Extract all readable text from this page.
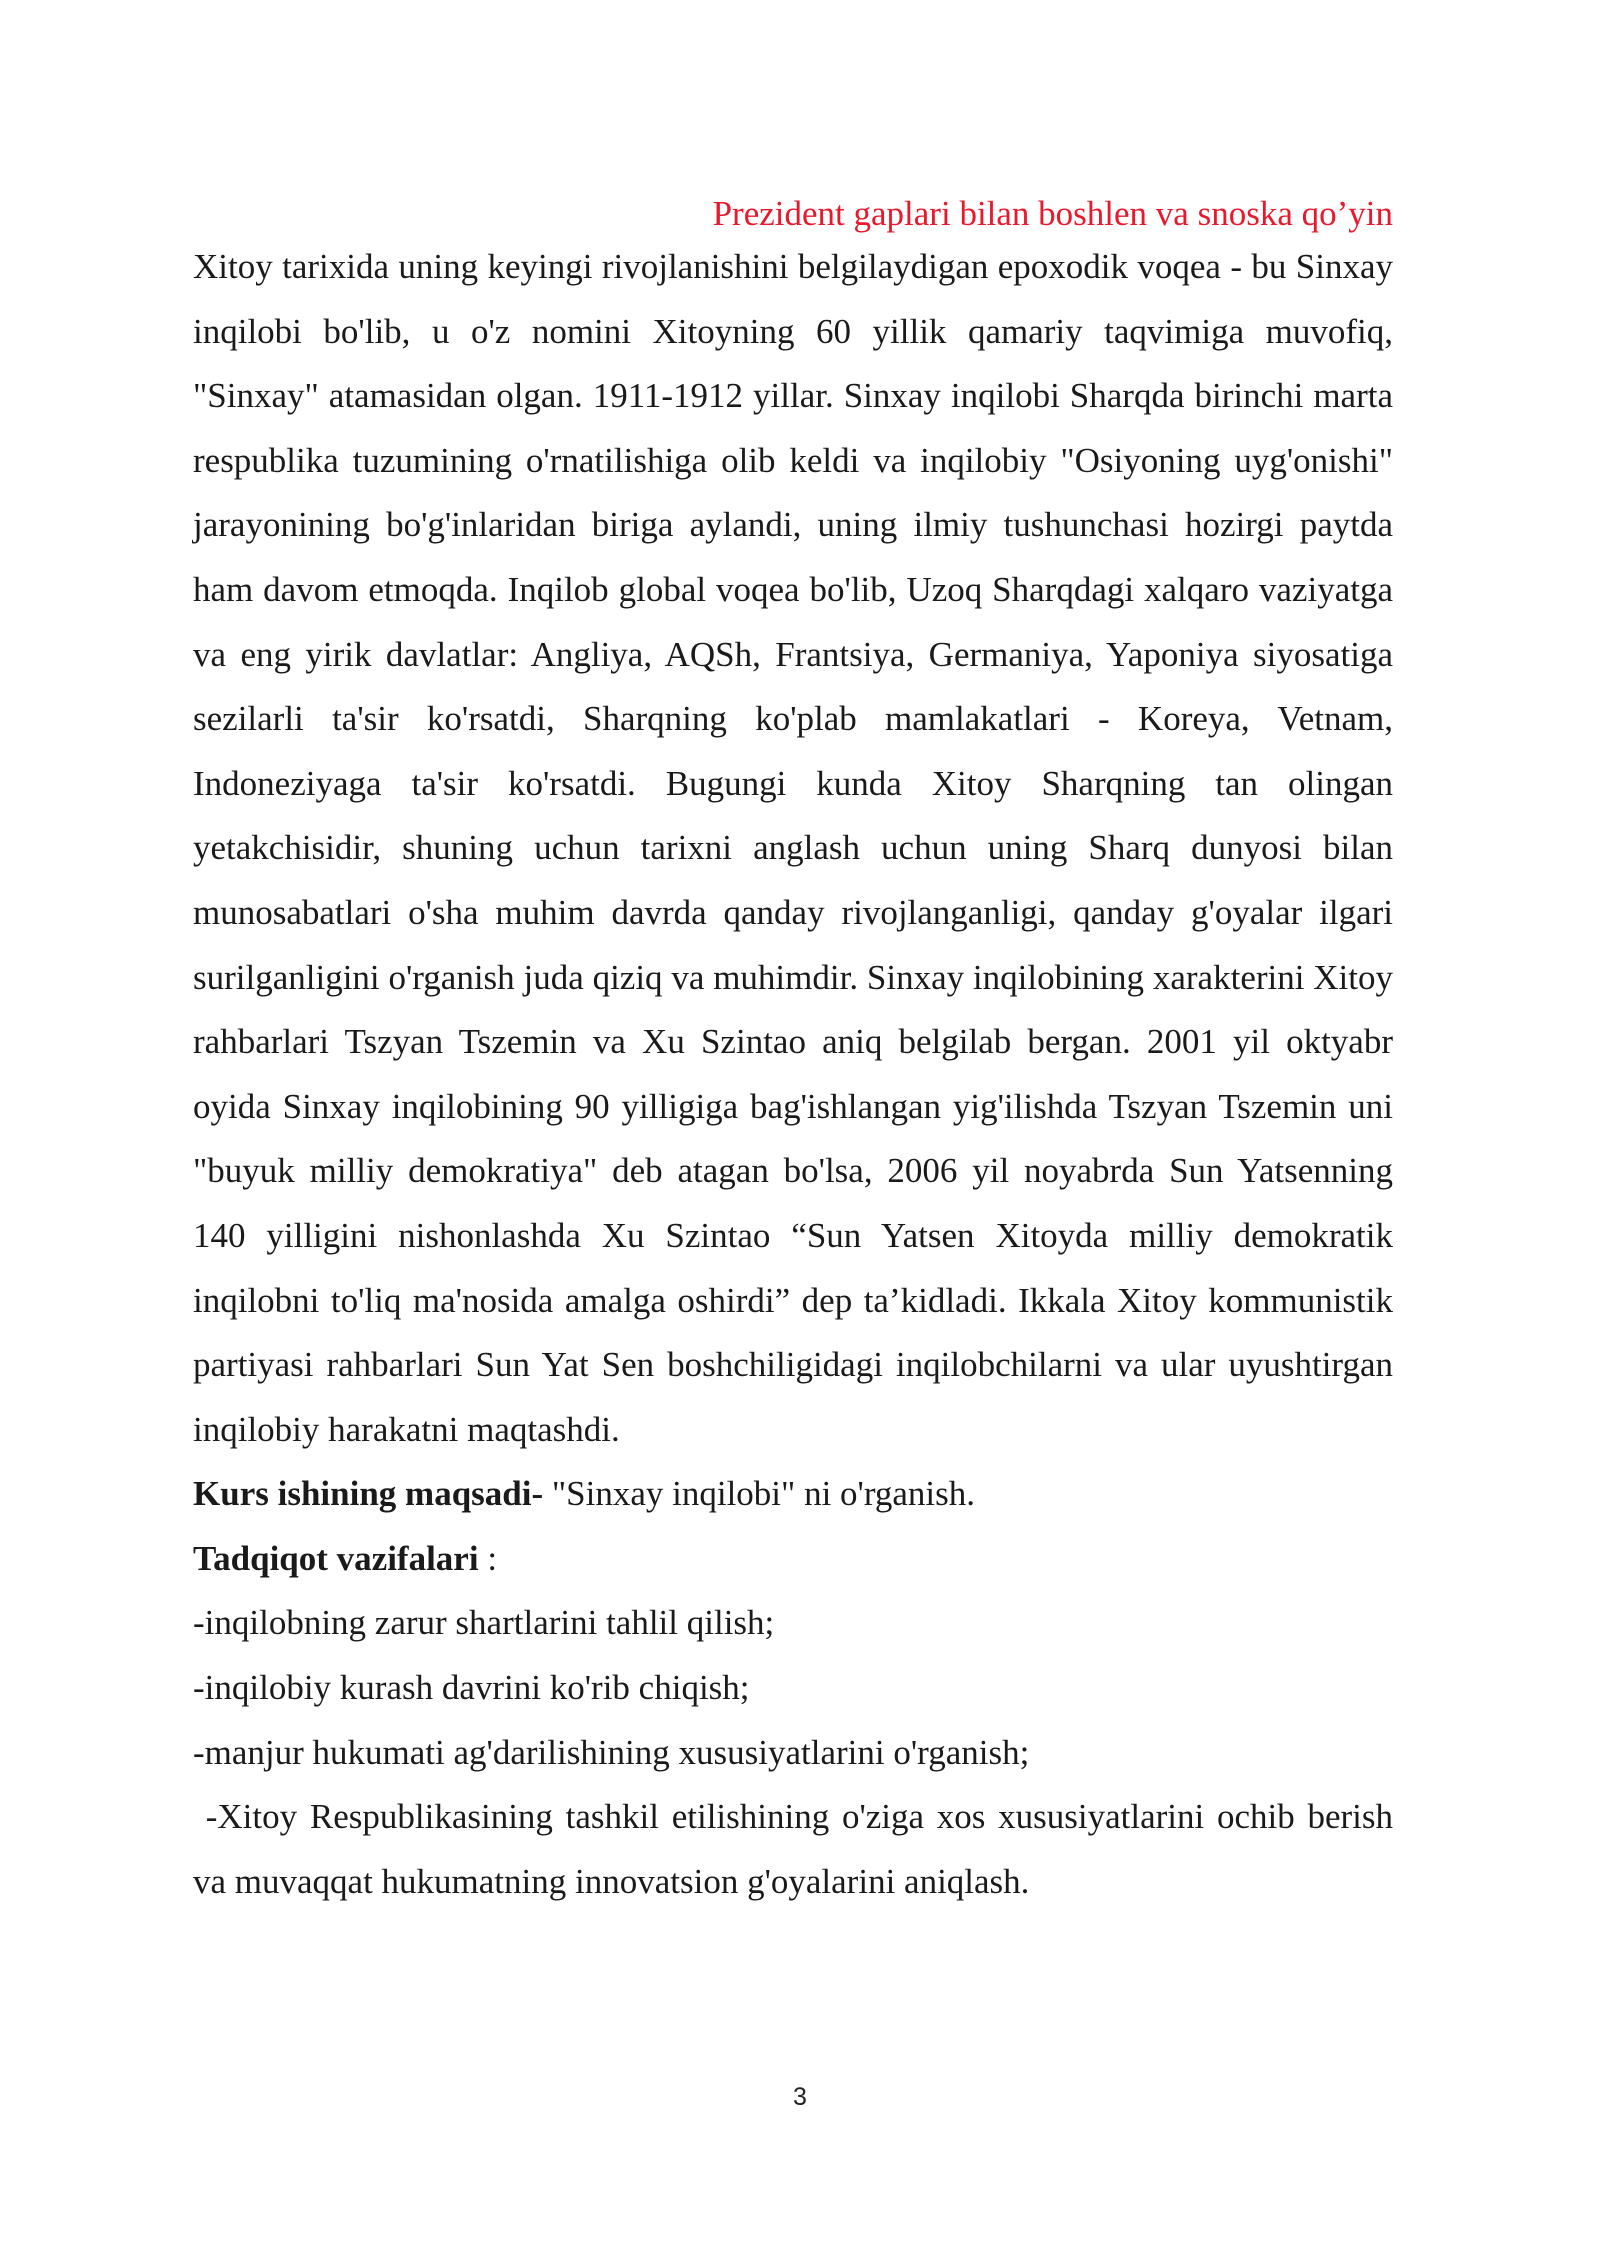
Prezident gaplari bilan boshlen va snoska qo’yin

Xitoy tarixida uning keyingi rivojlanishini belgilaydigan epoxodik voqea - bu Sinxay inqilobi bo'lib, u o'z nomini Xitoyning 60 yillik qamariy taqvimiga muvofiq, "Sinxay" atamasidan olgan. 1911-1912 yillar. Sinxay inqilobi Sharqda birinchi marta respublika tuzumining o'rnatilishiga olib keldi va inqilobiy "Osiyoning uyg'onishi" jarayonining bo'g'inlaridan biriga aylandi, uning ilmiy tushunchasi hozirgi paytda ham davom etmoqda. Inqilob global voqea bo'lib, Uzoq Sharqdagi xalqaro vaziyatga va eng yirik davlatlar: Angliya, AQSh, Frantsiya, Germaniya, Yaponiya siyosatiga sezilarli ta'sir ko'rsatdi, Sharqning ko'plab mamlakatlari - Koreya, Vetnam, Indoneziyaga ta'sir ko'rsatdi. Bugungi kunda Xitoy Sharqning tan olingan yetakchisidir, shuning uchun tarixni anglash uchun uning Sharq dunyosi bilan munosabatlari o'sha muhim davrda qanday rivojlanganligi, qanday g'oyalar ilgari surilganligini o'rganish juda qiziq va muhimdir. Sinxay inqilobining xarakterini Xitoy rahbarlari Tszyan Tszemin va Xu Szintao aniq belgilab bergan. 2001 yil oktyabr oyida Sinxay inqilobining 90 yilligiga bag'ishlangan yig'ilishda Tszyan Tszemin uni "buyuk milliy demokratiya" deb atagan bo'lsa, 2006 yil noyabrda Sun Yatsenning 140 yilligini nishonlashda Xu Szintao “Sun Yatsen Xitoyda milliy demokratik inqilobni to'liq ma'nosida amalga oshirdi” dep ta’kidladi. Ikkala Xitoy kommunistik partiyasi rahbarlari Sun Yat Sen boshchiligidagi inqilobchilarni va ular uyushtirgan inqilobiy harakatni maqtashdi.

Kurs ishining maqsadi- "Sinxay inqilobi" ni o'rganish.

Tadqiqot vazifalari :

-inqilobning zarur shartlarini tahlil qilish;

-inqilobiy kurash davrini ko'rib chiqish;

-manjur hukumati ag'darilishining xususiyatlarini o'rganish;

-Xitoy Respublikasining tashkil etilishining o'ziga xos xususiyatlarini ochib berish va muvaqqat hukumatning innovatsion g'oyalarini aniqlash.

3
